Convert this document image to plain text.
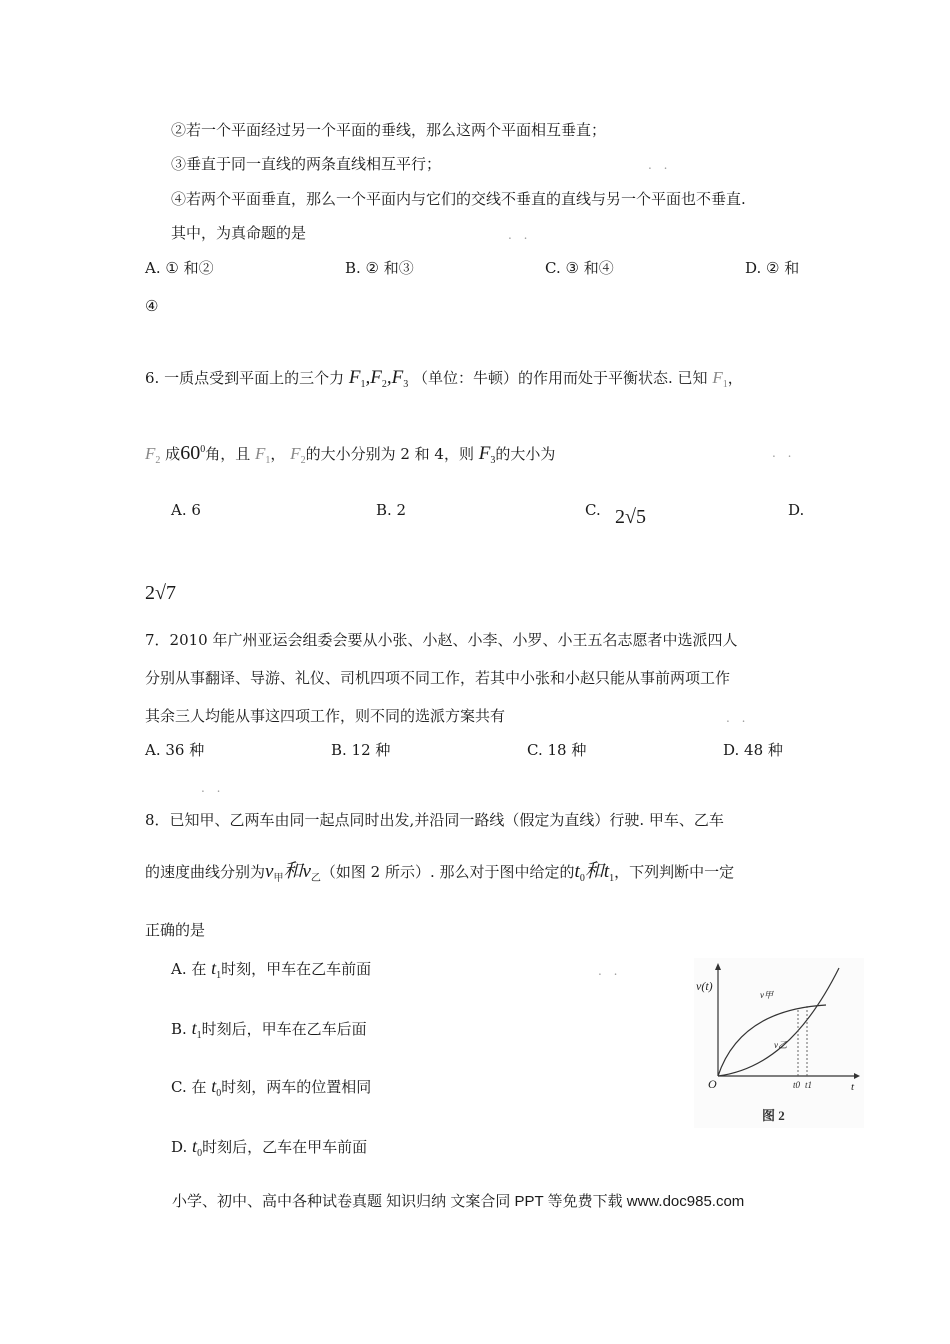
②若一个平面经过另一个平面的垂线，那么这两个平面相互垂直；
③垂直于同一直线的两条直线相互平行；	. .
④若两个平面垂直，那么一个平面内与它们的交线不垂直的直线与另一个平面也不垂直.
其中，为真命题的是	. .
A. ① 和②	B. ② 和③	C. ③ 和④	D. ② 和
④
6. 一质点受到平面上的三个力 $F_1,F_2,F_3$ （单位：牛顿）的作用而处于平衡状态. 已知 $F_1$，
$F_2$ 成$60^0$角，且 $F_1$， $F_2$的大小分别为 2 和 4，则 $F_3$的大小为	. .
A. 6	B. 2	C. 2√5	D.
2√7
7．2010 年广州亚运会组委会要从小张、小赵、小李、小罗、小王五名志愿者中选派四人
分别从事翻译、导游、礼仪、司机四项不同工作，若其中小张和小赵只能从事前两项工作
其余三人均能从事这四项工作，则不同的选派方案共有	. .
A. 36 种	B. 12 种	C. 18 种	D. 48 种
. .
8．已知甲、乙两车由同一起点同时出发,并沿同一路线（假定为直线）行驶. 甲车、乙车
的速度曲线分别为$v_甲$和$v_乙$（如图 2 所示）. 那么对于图中给定的$t_0$和$t_1$，下列判断中一定
正确的是
A. 在 $t_1$时刻，甲车在乙车前面	. .
B. $t_1$时刻后，甲车在乙车后面
C. 在 $t_0$时刻，两车的位置相同
D. $t_0$时刻后，乙车在甲车前面
v(t)
O	t
v甲
v乙
t0 t1
图 2
小学、初中、高中各种试卷真题 知识归纳 文案合同 PPT 等免费下载 www.doc985.com
